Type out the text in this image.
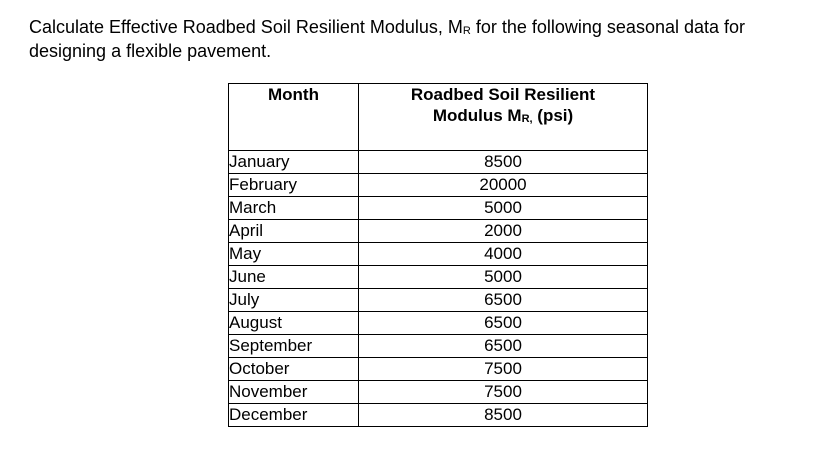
Calculate Effective Roadbed Soil Resilient Modulus, $M_R$ for the following seasonal data for designing a flexible pavement.

Month	Roadbed Soil Resilient
Modulus $M_{R,}$ (psi)
January	8500
February	20000
March	5000
April	2000
May	4000
June	5000
July	6500
August	6500
September	6500
October	7500
November	7500
December	8500
